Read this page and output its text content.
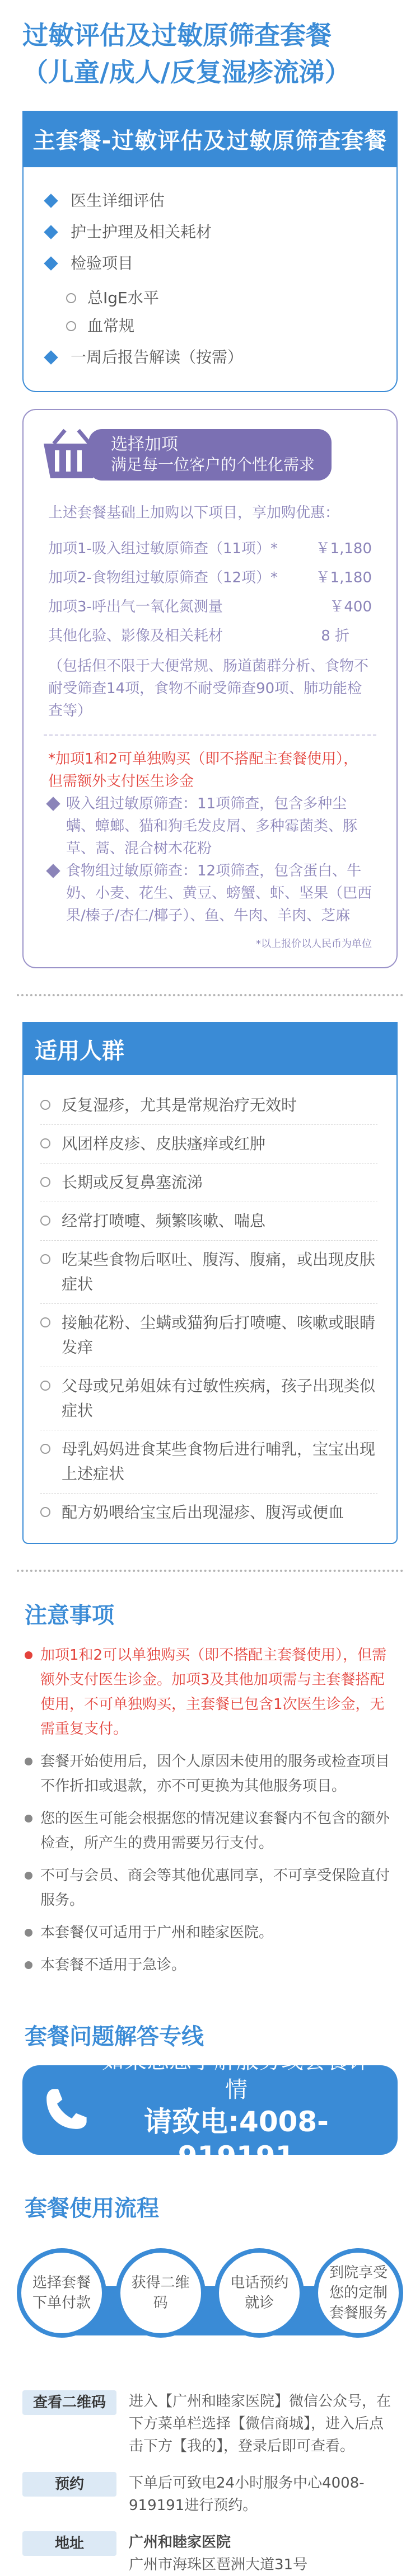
过敏评估及过敏原筛查套餐
（儿童/成人/反复湿疹流涕）
主套餐-过敏评估及过敏原筛查套餐
医生详细评估
护士护理及相关耗材
检验项目
总IgE水平
血常规
一周后报告解读（按需）
选择加项
满足每一位客户的个性化需求
上述套餐基础上加购以下项目，享加购优惠：
加项1-吸入组过敏原筛查（11项）*	￥1,180
加项2-食物组过敏原筛查（12项）*	￥1,180
加项3-呼出气一氧化氮测量	￥400
其他化验、影像及相关耗材	8 折
（包括但不限于大便常规、肠道菌群分析、食物不耐受筛查14项，食物不耐受筛查90项、肺功能检查等）
*加项1和2可单独购买（即不搭配主套餐使用），但需额外支付医生诊金
吸入组过敏原筛查：11项筛查，包含多种尘螨、蟑螂、猫和狗毛发皮屑、多种霉菌类、豚草、蒿、混合树木花粉
食物组过敏原筛查：12项筛查，包含蛋白、牛奶、小麦、花生、黄豆、螃蟹、虾、坚果（巴西果/榛子/杏仁/椰子）、鱼、牛肉、羊肉、芝麻
*以上报价以人民币为单位
适用人群
反复湿疹，尤其是常规治疗无效时
风团样皮疹、皮肤瘙痒或红肿
长期或反复鼻塞流涕
经常打喷嚏、频繁咳嗽、喘息
吃某些食物后呕吐、腹泻、腹痛，或出现皮肤症状
接触花粉、尘螨或猫狗后打喷嚏、咳嗽或眼睛发痒
父母或兄弟姐妹有过敏性疾病，孩子出现类似症状
母乳妈妈进食某些食物后进行哺乳，宝宝出现上述症状
配方奶喂给宝宝后出现湿疹、腹泻或便血
注意事项
加项1和2可以单独购买（即不搭配主套餐使用），但需额外支付医生诊金。加项3及其他加项需与主套餐搭配使用，不可单独购买，主套餐已包含1次医生诊金，无需重复支付。
套餐开始使用后，因个人原因未使用的服务或检查项目不作折扣或退款，亦不可更换为其他服务项目。
您的医生可能会根据您的情况建议套餐内不包含的额外检查，所产生的费用需要另行支付。
不可与会员、商会等其他优惠同享，不可享受保险直付服务。
本套餐仅可适用于广州和睦家医院。
本套餐不适用于急诊。
套餐问题解答专线
如果您想了解服务或套餐详情
请致电:4008-919191
套餐使用流程
选择套餐下单付款
获得二维码
电话预约就诊
到院享受您的定制套餐服务
查看二维码	进入【广州和睦家医院】微信公众号，在下方菜单栏选择【微信商城】，进入后点击下方【我的】，登录后即可查看。
预约	下单后可致电24小时服务中心4008-919191进行预约。
地址	广州和睦家医院
广州市海珠区琶洲大道31号
